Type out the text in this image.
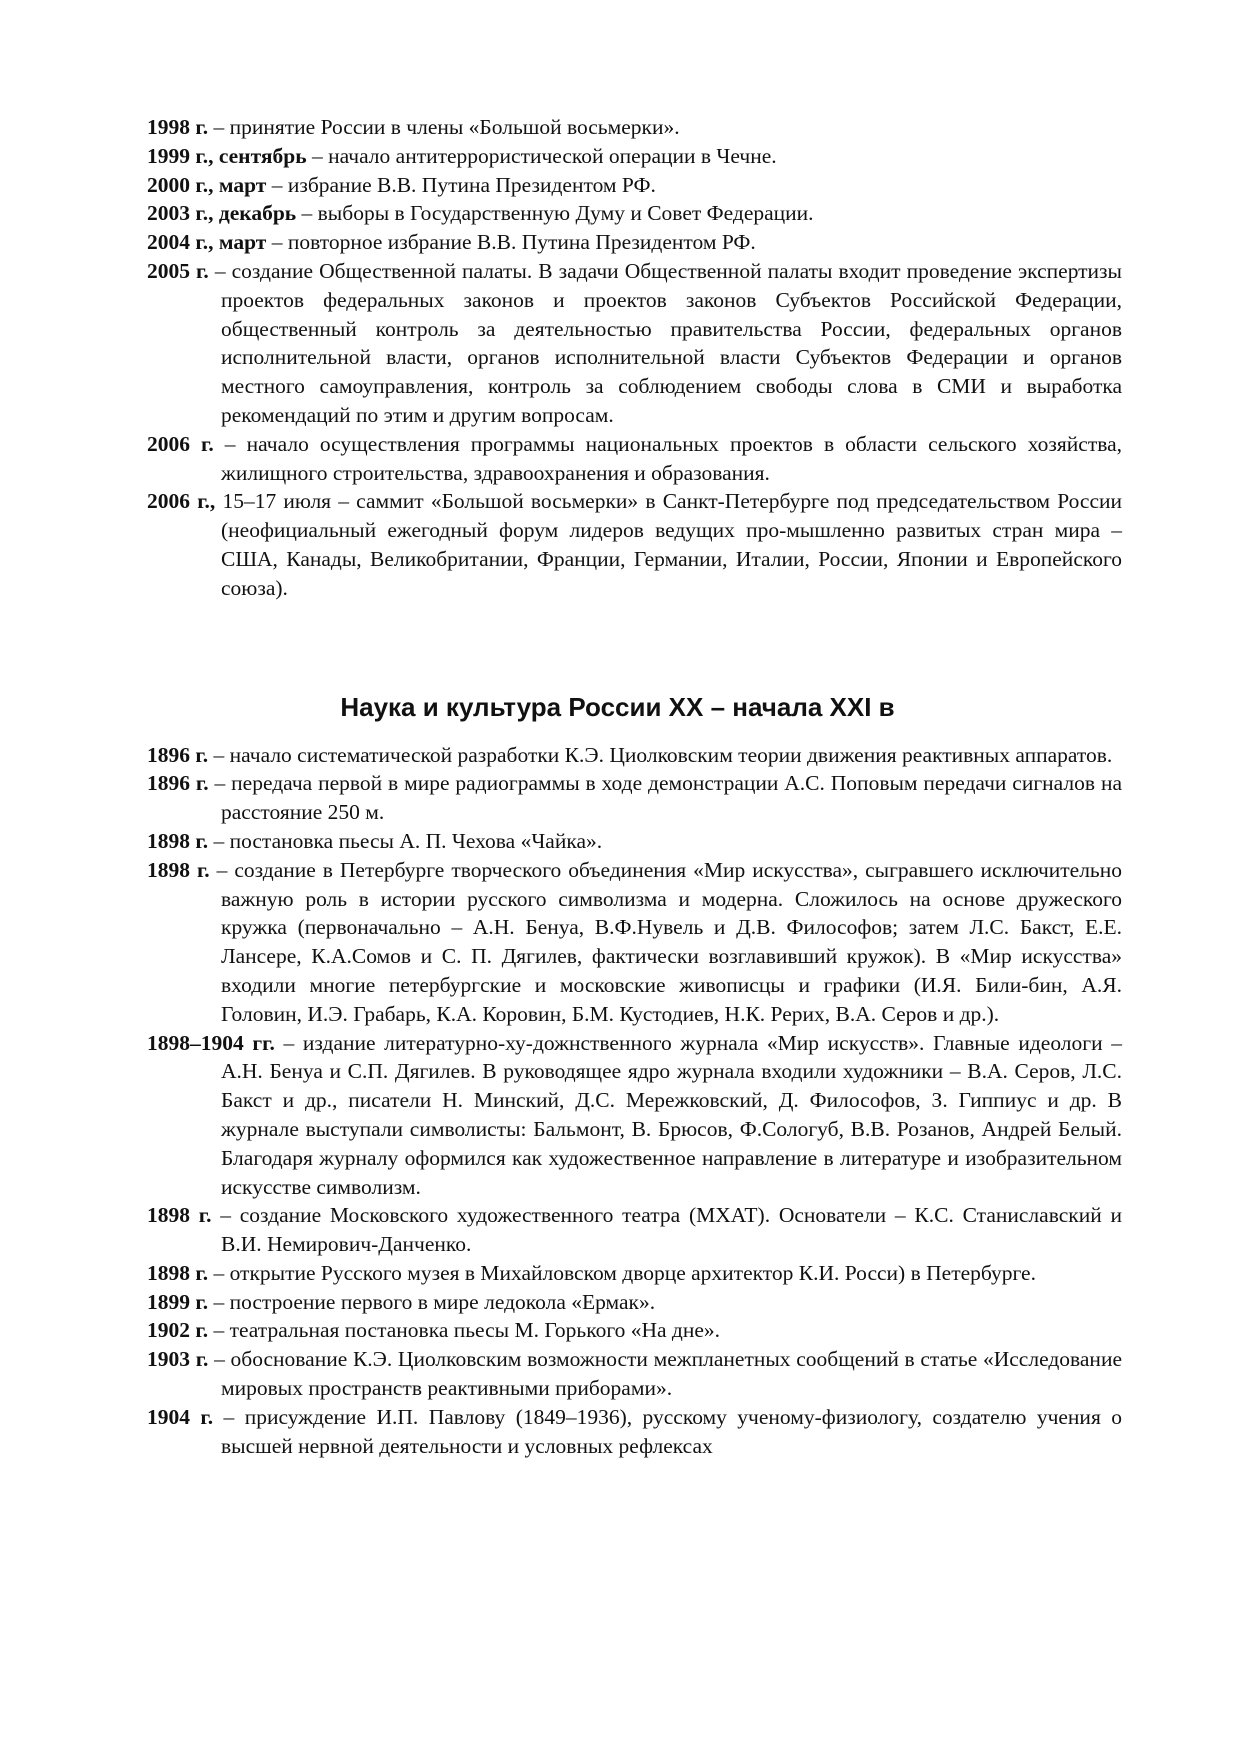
1998 г. – принятие России в члены «Большой восьмерки».

1999 г., сентябрь – начало антитеррористической операции в Чечне.

2000 г., март – избрание В.В. Путина Президентом РФ.

2003 г., декабрь – выборы в Государственную Думу и Совет Федерации.

2004 г., март – повторное избрание В.В. Путина Президентом РФ.

2005 г. – создание Общественной палаты. В задачи Общественной палаты входит проведение экспертизы проектов федеральных законов и проектов законов Субъектов Российской Федерации, общественный контроль за деятельностью правительства России, федеральных органов исполнительной власти, органов исполнительной власти Субъектов Федерации и органов местного самоуправления, контроль за соблюдением свободы слова в СМИ и выработка рекомендаций по этим и другим вопросам.

2006 г. – начало осуществления программы национальных проектов в области сельского хозяйства, жилищного строительства, здравоохранения и образования.

2006 г., 15–17 июля – саммит «Большой восьмерки» в Санкт-Петербурге под председательством России (неофициальный ежегодный форум лидеров ведущих про-мышленно развитых стран мира – США, Канады, Великобритании, Франции, Германии, Италии, России, Японии и Европейского союза).

Наука и культура России XX – начала XXI в

1896 г. – начало систематической разработки К.Э. Циолковским теории движения реактивных аппаратов.

1896 г. – передача первой в мире радиограммы в ходе демонстрации А.С. Поповым передачи сигналов на расстояние 250 м.

1898 г. – постановка пьесы А. П. Чехова «Чайка».

1898 г. – создание в Петербурге творческого объединения «Мир искусства», сыгравшего исключительно важную роль в истории русского символизма и модерна. Сложилось на основе дружеского кружка (первоначально – А.Н. Бенуа, В.Ф.Нувель и Д.В. Философов; затем Л.С. Бакст, Е.Е. Лансере, К.А.Сомов и С. П. Дягилев, фактически возглавивший кружок). В «Мир искусства» входили многие петербургские и московские живописцы и графики (И.Я. Били-бин, А.Я. Головин, И.Э. Грабарь, К.А. Коровин, Б.М. Кустодиев, Н.К. Рерих, В.А. Серов и др.).

1898–1904 гг. – издание литературно-ху-дожнственного журнала «Мир искусств». Главные идеологи – А.Н. Бенуа и С.П. Дягилев. В руководящее ядро журнала входили художники – В.А. Серов, Л.С. Бакст и др., писатели Н. Минский, Д.С. Мережковский, Д. Философов, З. Гиппиус и др. В журнале выступали символисты: Бальмонт, В. Брюсов, Ф.Сологуб, В.В. Розанов, Андрей Белый. Благодаря журналу оформился как художественное направление в литературе и изобразительном искусстве символизм.

1898 г. – создание Московского художественного театра (МХАТ). Основатели – К.С. Станиславский и В.И. Немирович-Данченко.

1898 г. – открытие Русского музея в Михайловском дворце архитектор К.И. Росси) в Петербурге.

1899 г. – построение первого в мире ледокола «Ермак».

1902 г. – театральная постановка пьесы М. Горького «На дне».

1903 г. – обоснование К.Э. Циолковским возможности межпланетных сообщений в статье «Исследование мировых пространств реактивными приборами».

1904 г. – присуждение И.П. Павлову (1849–1936), русскому ученому-физиологу, создателю учения о высшей нервной деятельности и условных рефлексах
